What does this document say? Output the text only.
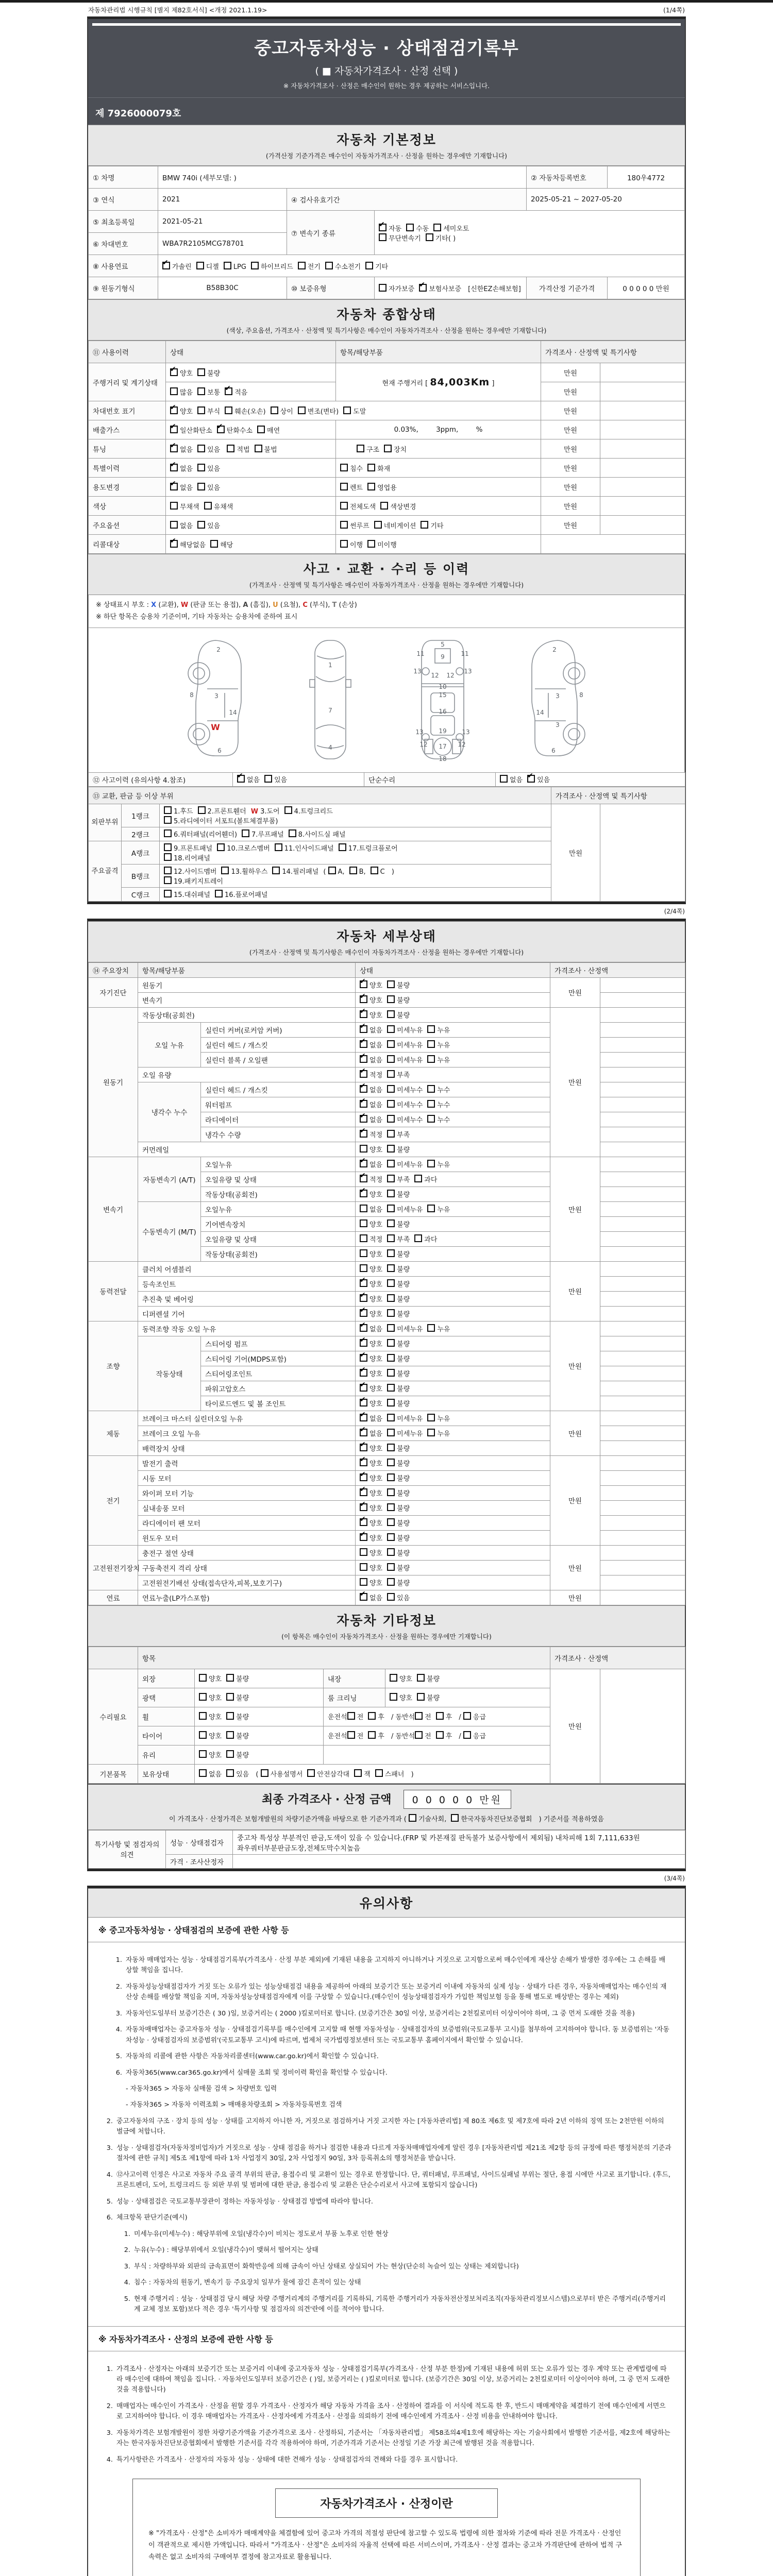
자동차관리법 시행규칙 [별지 제82호서식] <개정 2021.1.19>	(1/4쪽)
중고자동차성능 · 상태점검기록부
( ■ 자동차가격조사 · 산정 선택 )
※ 자동차가격조사 · 산정은 매수인이 원하는 경우 제공하는 서비스입니다.
제 7926000079호
자동차 기본정보
(가격산정 기준가격은 매수인이 자동차가격조사 · 산정을 원하는 경우에만 기재합니다)
① 차명	BMW 740i (세부모델: )			② 자동차등록번호	180우4772
③ 연식	2021	④ 검사유효기간		2025-05-21 ~ 2027-05-20	
⑤ 최초등록일	2021-05-21	⑦ 변속기 종류	✔자동 수동 세미오토
무단변속기 기타( )
⑥ 차대번호	WBA7R2105MCG78701				
⑧ 사용연료	✔가솔린 디젤 LPG 하이브리드 전기 수소전기 기타
⑨ 원동기형식	B58B30C	⑩ 보증유형	자가보증 ✔ 보험사보증 [신한EZ손해보험]	가격산정 기준가격	0 0 0 0 0 만원
자동차 종합상태
(색상, 주요옵션, 가격조사 · 산정액 및 특기사항은 매수인이 자동차가격조사 · 산정을 원하는 경우에만 기재합니다)
⑪ 사용이력	상태	항목/해당부품	가격조사 · 산정액 및 특기사항	
주행거리 및 계기상태	✔양호 불량	현재 주행거리 [ 84,003Km ]	만원	
	많음 보통 ✔ 적음		만원	
차대번호 표기	✔양호 부식 훼손(오손) 상이 변조(변타) 도말		만원	
배출가스	✔일산화탄소 ✔ 탄화수소 매연	0.03%,        3ppm,        %	만원	
튜닝	✔없음 있음 적법 불법	구조 장치	만원	
특별이력	✔없음 있음	침수 화재	만원	
용도변경	✔없음 있음	렌트 영업용	만원	
색상	무채색 유채색	전체도색 색상변경	만원	
주요옵션	없음 있음	썬루프 네비게이션 기타	만원	
리콜대상	✔해당없음 해당	이행 미이행		
사고 · 교환 · 수리 등 이력
(가격조사 · 산정액 및 특기사항은 매수인이 자동차가격조사 · 산정을 원하는 경우에만 기재합니다)
※ 상태표시 부호 : X (교환), W (판금 또는 용접), A (흠집), U (요철), C (부식), T (손상)
※ 하단 항목은 승용차 기준이며, 기타 자동차는 승용차에 준하여 표시
2
8	3
14
W
6
1
7
4
5
11	9	11
13
12 12
13
10
15
16
13 19 13
12 17 12
18
2
3	8
14
3
6
⑫ 사고이력 (유의사항 4.참조)	✔없음 있음	단순수리	없음 ✔ 있음
⑬ 교환, 판금 등 이상 부위			가격조사 · 산정액 및 특기사항	
외판부위	1랭크	1.후드 2.프론트휀더 W 3.도어 4.트렁크리드
5.라디에이터 서포트(볼트체결부품)	만원	
	2랭크	6.쿼터패널(리어휀더) 7.루프패널 8.사이드실 패널		
주요골격	A랭크	9.프론트패널 10.크로스멤버 11.인사이드패널 17.트렁크플로어
18.리어패널		
	B랭크	12.사이드멤버 13.휠하우스 14.필러패널 ( A, B, C )
19.패키지트레이		
	C랭크	15.대쉬패널 16.플로어패널		
(2/4쪽)
자동차 세부상태
(가격조사 · 산정액 및 특기사항은 매수인이 자동차가격조사 · 산정을 원하는 경우에만 기재합니다)
⑭ 주요장치	항목/해당부품		상태	가격조사 · 산정액	
자기진단	원동기	✔양호 불량	만원	
	변속기	✔양호 불량	
원동기	작동상태(공회전)	✔양호 불량	만원	
	오일 누유	실린더 커버(로커암 커버)	✔없음 미세누유 누유	
		실린더 헤드 / 개스킷	✔없음 미세누유 누유	
		실린더 블록 / 오일팬	✔없음 미세누유 누유	
	오일 유량	✔적정 부족	
	냉각수 누수	실린더 헤드 / 개스킷	✔없음 미세누수 누수	
		워터펌프	✔없음 미세누수 누수	
		라디에이터	✔없음 미세누수 누수	
		냉각수 수량	✔적정 부족	
	커먼레일		양호 불량		
변속기	자동변속기 (A/T)	오일누유	✔없음 미세누유 누유	만원	
		오일유량 및 상태	✔적정 부족 과다	
		작동상태(공회전)	✔양호 불량	
	수동변속기 (M/T)	오일누유	없음 미세누유 누유		
		기어변속장치	양호 불량		
		오일유량 및 상태	적정 부족 과다		
		작동상태(공회전)	양호 불량		
동력전달	클러치 어셈블리		양호 불량	만원	
	등속조인트	✔양호 불량	
	추진축 및 베어링	✔양호 불량	
	디퍼렌셜 기어	✔양호 불량	
조향	동력조향 작동 오일 누유	✔없음 미세누유 누유	만원	
	작동상태	스티어링 펌프	✔양호 불량	
		스티어링 기어(MDPS포함)	✔양호 불량	
		스티어링조인트	✔양호 불량	
		파워고압호스	✔양호 불량	
		타이로드엔드 및 볼 조인트	✔양호 불량	
제동	브레이크 마스터 실린더오일 누유	✔없음 미세누유 누유	만원	
	브레이크 오일 누유	✔없음 미세누유 누유	
	배력장치 상태	✔양호 불량	
전기	발전기 출력	✔양호 불량	만원	
	시동 모터	✔양호 불량	
	와이퍼 모터 기능	✔양호 불량	
	실내송풍 모터	✔양호 불량	
	라디에이터 팬 모터	✔양호 불량	
	윈도우 모터	✔양호 불량	
고전원전기장치	충전구 절연 상태		양호 불량	만원	
	구동축전지 격리 상태		양호 불량		
	고전원전기배선 상태(접속단자,피복,보호기구)		양호 불량		
연료	연료누출(LP가스포함)	✔없음 있음	만원	
자동차 기타정보
(이 항목은 매수인이 자동차가격조사 · 산정을 원하는 경우에만 기재합니다)
	항목				가격조사 · 산정액	
수리필요	외장	양호 불량	내장	양호 불량	만원	
	광택	양호 불량	룸 크리닝	양호 불량		
	휠	양호 불량	운전석 전 후 / 동반석 전 후 / 응급			
	타이어	양호 불량	운전석 전 후 / 동반석 전 후 / 응급			
	유리	양호 불량				
기본품목	보유상태	없음 있음 ( 사용설명서 안전삼각대 잭 스패너 )				
최종 가격조사 · 산정 금액 0 0 0 0 0 만원
이 가격조사 · 산정가격은 보험개발원의 차량기준가액을 바탕으로 한 기준가격과 ( 기술사회, 한국자동차진단보증협회 ) 기준서를 적용하였음
특기사항 및 점검자의 의견	성능 · 상태점검자	중고차 특성상 부분적인 판금,도색이 있을 수 있습니다.(FRP 및 카본재질 판독불가 보증사항에서 제외됨) 내차피해 1회 7,111,633원 좌우쿼터부분판금도장,전체도막수치높음
	가격 · 조사산정자	
(3/4쪽)
유의사항
※ 중고자동차성능 · 상태점검의 보증에 관한 사항 등
1. 자동차 매매업자는 성능 · 상태점검기록부(가격조사 · 산정 부분 제외)에 기재된 내용을 고지하지 아니하거나 거짓으로 고지함으로써 매수인에게 재산상 손해가 발생한 경우에는 그 손해를 배상할 책임을 집니다.
2. 자동차성능상태점검자가 거짓 또는 오류가 있는 성능상태점검 내용을 제공하여 아래의 보증기간 또는 보증거리 이내에 자동차의 실제 성능 · 상태가 다른 경우, 자동차매매업자는 매수인의 재산상 손해를 배상할 책임을 지며, 자동차성능상태점검자에게 이를 구상할 수 있습니다.(매수인이 성능상태점검자가 가입한 책임보험 등을 통해 별도로 배상받는 경우는 제외)
3. 자동차인도일부터 보증기간은 ( 30 )일, 보증거리는 ( 2000 )킬로미터로 합니다. (보증기간은 30일 이상, 보증거리는 2천킬로미터 이상이어야 하며, 그 중 먼저 도래한 것을 적용)
4. 자동차매매업자는 중고자동차 성능 · 상태점검기록부를 매수인에게 고지할 때 현행 자동차성능 · 상태점검자의 보증범위(국토교통부 고시)를 첨부하여 고지하여야 합니다. 동 보증범위는 '자동차성능 · 상태점검자의 보증범위'(국토교통부 고시)에 따르며, 법제처 국가법령정보센터 또는 국토교통부 홈페이지에서 확인할 수 있습니다.
5. 자동차의 리콜에 관한 사항은 자동차리콜센터(www.car.go.kr)에서 확인할 수 있습니다.
6. 자동차365(www.car365.go.kr)에서 실매물 조회 및 정비이력 확인을 확인할 수 있습니다.
- 자동차365 > 자동차 실매물 검색 > 차량번호 입력
- 자동차365 > 자동차 이력조회 > 매매용차량조회 > 자동차등록번호 검색
2. 중고자동차의 구조 · 장치 등의 성능 · 상태를 고지하지 아니한 자, 거짓으로 점검하거나 거짓 고지한 자는 [자동차관리법] 제 80조 제6호 및 제7호에 따라 2년 이하의 징역 또는 2천만원 이하의 벌금에 처합니다.
3. 성능 · 상태점검자(자동차정비업자)가 거짓으로 성능 · 상태 점검을 하거나 점검한 내용과 다르게 자동차매매업자에게 알린 경우 [자동차관리법 제21조 제2항 등의 규정에 따른 행정처분의 기준과 절차에 관한 규칙] 제5조 제1항에 따라 1차 사업정지 30일, 2차 사업정지 90일, 3차 등록취소의 행정처분을 받습니다.
4. ⑫사고이력 인정은 사고로 자동차 주요 골격 부위의 판금, 용접수리 및 교환이 있는 경우로 한정합니다. 단, 쿼터패널, 루프패널, 사이드실패널 부위는 절단, 용접 시에만 사고로 표기합니다. (후드, 프론트펜더, 도어, 트렁크리드 등 외판 부위 및 범퍼에 대한 판금, 용접수리 및 교환은 단순수리로서 사고에 포함되지 않습니다)
5. 성능 · 상태점검은 국토교통부장관이 정하는 자동차성능 · 상태점검 방법에 따라야 합니다.
6. 체크항목 판단기준(예시)
1. 미세누유(미세누수) : 해당부위에 오일(냉각수)이 비치는 정도로서 부품 노후로 인한 현상
2. 누유(누수) : 해당부위에서 오일(냉각수)이 맺혀서 떨어지는 상태
3. 부식 : 차량하부와 외판의 금속표면이 화학반응에 의해 금속이 아닌 상태로 상실되어 가는 현상(단순히 녹슬어 있는 상태는 제외합니다)
4. 침수 : 자동차의 원동기, 변속기 등 주요장치 일부가 물에 잠긴 흔적이 있는 상태
5. 현재 주행거리 : 성능 · 상태점검 당시 해당 차량 주행거리계의 주행거리를 기록하되, 기록한 주행거리가 자동차전산정보처리조직(자동차관리정보시스템)으로부터 받은 주행거리(주행거리계 교체 정보 포함)보다 적은 경우 '특기사항 및 점검자의 의견'란에 이를 적어야 합니다.
※ 자동차가격조사 · 산정의 보증에 관한 사항 등
1. 가격조사 · 산정자는 아래의 보증기간 또는 보증거리 이내에 중고자동차 성능 · 상태점검기록부(가격조사 · 산정 부분 한정)에 기재된 내용에 허위 또는 오류가 있는 경우 계약 또는 관계법령에 따라 매수인에 대하여 책임을 집니다. · 자동차인도일부터 보증기간은 ( )일, 보증거리는 ( )킬로미터로 합니다. (보증기간은 30일 이상, 보증거리는 2천킬로미터 이상이어야 하며, 그 중 먼저 도래한 것을 적용합니다)
2. 매매업자는 매수인이 가격조사 · 산정을 원할 경우 가격조사 · 산정자가 해당 자동차 가격을 조사 · 산정하여 결과를 이 서식에 적도록 한 후, 반드시 매매계약을 체결하기 전에 매수인에게 서면으로 고지하여야 합니다. 이 경우 매매업자는 가격조사 · 산정자에게 가격조사 · 산정을 의뢰하기 전에 매수인에게 가격조사 · 산정 비용을 안내하여야 합니다.
3. 자동차가격은 보험개발원이 정한 차량기준가액을 기준가격으로 조사 · 산정하되, 기준서는 「자동차관리법」 제58조의4제1호에 해당하는 자는 기술사회에서 발행한 기준서를, 제2호에 해당하는 자는 한국자동차진단보증협회에서 발행한 기준서를 각각 적용하여야 하며, 기준가격과 기준서는 산정일 기준 가장 최근에 발행된 것을 적용합니다.
4. 특기사항란은 가격조사 · 산정자의 자동차 성능 · 상태에 대한 견해가 성능 · 상태점검자의 견해와 다를 경우 표시합니다.
자동차가격조사 · 산정이란
※ "가격조사 · 산정"은 소비자가 매매계약을 체결함에 있어 중고차 가격의 적절성 판단에 참고할 수 있도록 법령에 의한 절차와 기준에 따라 전문 가격조사 · 산정인이 객관적으로 제시한 가액입니다. 따라서 "가격조사 · 산정"은 소비자의 자율적 선택에 따른 서비스이며, 가격조사 · 산정 결과는 중고차 가격판단에 관하여 법적 구속력은 없고 소비자의 구매여부 결정에 참고자료로 활용됩니다.
